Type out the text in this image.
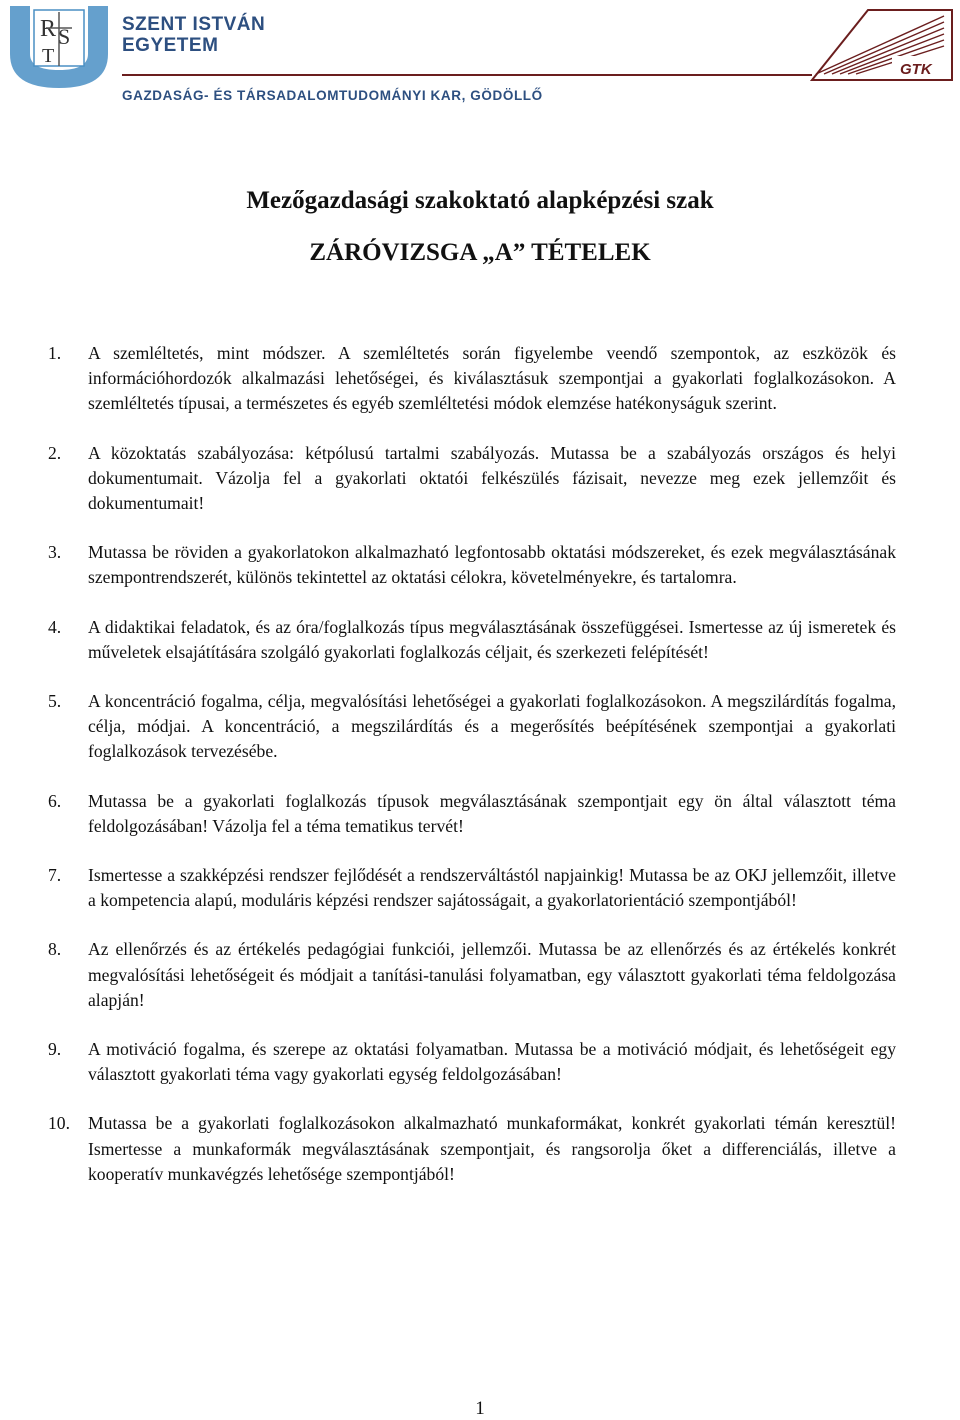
R S
T
SZENT ISTVÁN
EGYETEM
GAZDASÁG- ÉS TÁRSADALOMTUDOMÁNYI KAR, GÖDÖLLŐ
GTK
Mezőgazdasági szakoktató alapképzési szak
ZÁRÓVIZSGA „A” TÉTELEK
1.	A szemléltetés, mint módszer. A szemléltetés során figyelembe veendő szempontok, az eszközök és információhordozók alkalmazási lehetőségei, és kiválasztásuk szempontjai a gyakorlati foglalkozásokon. A szemléltetés típusai, a természetes és egyéb szemléltetési módok elemzése hatékonyságuk szerint.
2.	A közoktatás szabályozása: kétpólusú tartalmi szabályozás. Mutassa be a szabályozás országos és helyi dokumentumait. Vázolja fel a gyakorlati oktatói felkészülés fázisait, nevezze meg ezek jellemzőit és dokumentumait!
3.	Mutassa be röviden a gyakorlatokon alkalmazható legfontosabb oktatási módszereket, és ezek megválasztásának szempontrendszerét, különös tekintettel az oktatási célokra, követelményekre, és tartalomra.
4.	A didaktikai feladatok, és az óra/foglalkozás típus megválasztásának összefüggései. Ismertesse az új ismeretek és műveletek elsajátítására szolgáló gyakorlati foglalkozás céljait, és szerkezeti felépítését!
5.	A koncentráció fogalma, célja, megvalósítási lehetőségei a gyakorlati foglalkozásokon. A megszilárdítás fogalma, célja, módjai. A koncentráció, a megszilárdítás és a megerősítés beépítésének szempontjai a gyakorlati foglalkozások tervezésébe.
6.	Mutassa be a gyakorlati foglalkozás típusok megválasztásának szempontjait egy ön által választott téma feldolgozásában! Vázolja fel a téma tematikus tervét!
7.	Ismertesse a szakképzési rendszer fejlődését a rendszerváltástól napjainkig! Mutassa be az OKJ jellemzőit, illetve a kompetencia alapú, moduláris képzési rendszer sajátosságait, a gyakorlatorientáció szempontjából!
8.	Az ellenőrzés és az értékelés pedagógiai funkciói, jellemzői. Mutassa be az ellenőrzés és az értékelés konkrét megvalósítási lehetőségeit és módjait a tanítási-tanulási folyamatban, egy választott gyakorlati téma feldolgozása alapján!
9.	A motiváció fogalma, és szerepe az oktatási folyamatban. Mutassa be a motiváció módjait, és lehetőségeit egy választott gyakorlati téma vagy gyakorlati egység feldolgozásában!
10.	Mutassa be a gyakorlati foglalkozásokon alkalmazható munkaformákat, konkrét gyakorlati témán keresztül! Ismertesse a munkaformák megválasztásának szempontjait, és rangsorolja őket a differenciálás, illetve a kooperatív munkavégzés lehetősége szempontjából!
1
